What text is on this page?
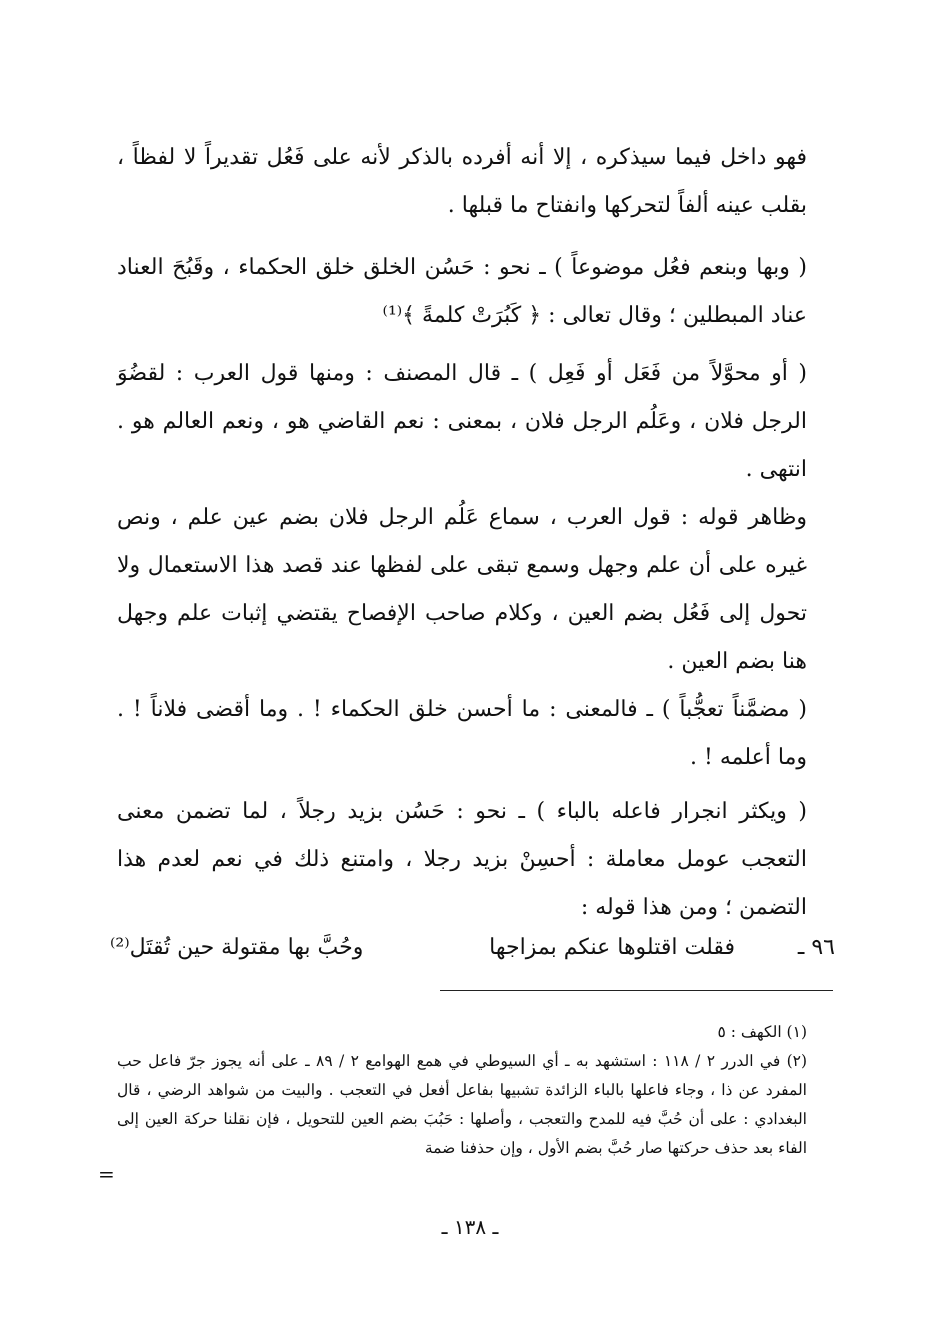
فهو داخل فيما سيذكره ، إلا أنه أفرده بالذكر لأنه على فَعُل تقديراً لا لفظاً ، بقلب عينه ألفاً لتحركها وانفتاح ما قبلها .

( وبها وبنعم فعُل موضوعاً ) ـ نحو : حَسُن الخلق خلق الحكماء ، وقَبُحَ العناد عناد المبطلين ؛ وقال تعالى : ﴿ كَبُرَتْ كلمةً ﴾⁽¹⁾

( أو محوَّلاً من فَعَل أو فَعِل ) ـ قال المصنف : ومنها قول العرب : لقضُوَ الرجل فلان ، وعَلُم الرجل فلان ، بمعنى : نعم القاضي هو ، ونعم العالم هو . انتهى .

وظاهر قوله : قول العرب ، سماع عَلُم الرجل فلان بضم عين علم ، ونص غيره على أن علم وجهل وسمع تبقى على لفظها عند قصد هذا الاستعمال ولا تحول إلى فَعُل بضم العين ، وكلام صاحب الإفصاح يقتضي إثبات علم وجهل هنا بضم العين .

( مضمَّناً تعجُّباً ) ـ فالمعنى : ما أحسن خلق الحكماء ! . وما أقضى فلاناً ! . وما أعلمه ! .

( ويكثر انجرار فاعله بالباء ) ـ نحو : حَسُن بزيد رجلاً ، لما تضمن معنى التعجب عومل معاملة : أحسِنْ بزيد رجلا ، وامتنع ذلك في نعم لعدم هذا التضمن ؛ ومن هذا قوله :

٩٦ ـ
فقلت اقتلوها عنكم بمزاجها
وحُبَّ بها مقتولة حين تُقتَل⁽²⁾

(١) الكهف : ٥

(٢) في الدرر ٢ / ١١٨ : استشهد به ـ أي السيوطي في همع الهوامع ٢ / ٨٩ ـ على أنه يجوز جرّ فاعل حب المفرد عن ذا ، وجاء فاعلها بالباء الزائدة تشبيها بفاعل أفعل في التعجب . والبيت من شواهد الرضي ، قال البغدادي : على أن حُبَّ فيه للمدح والتعجب ، وأصلها : حَبُبَ بضم العين للتحويل ، فإن نقلنا حركة العين إلى الفاء بعد حذف حركتها صار حُبَّ بضم الأول ، وإن حذفنا ضمة

=
ـ ١٣٨ ـ
